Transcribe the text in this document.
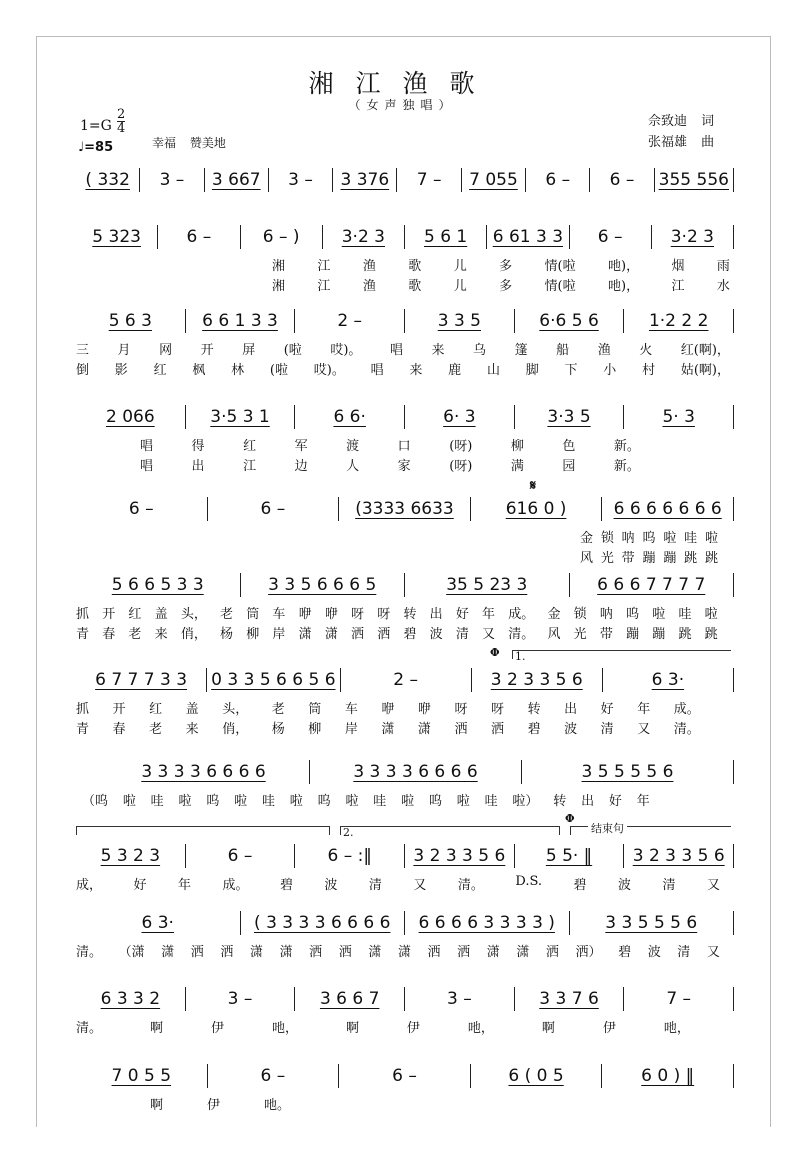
湘江渔歌
（女声独唱）
1=G
2
4
♩=85	幸福 赞美地
佘致迪 词
张福雄 曲
𝄋
Φ 1.
2.
Φ
结束句
( 332 3 – 3 667 3 – 3 376 7 – 7 055 6 – 6 – 355 556
5 323	6 –	6 – ) 3·2 3 5 6 1 6 61 3 3 6 –	3·2 3
湘 江 渔 歌 儿 多 情(啦 吔)， 烟 雨
湘 江 渔 歌 儿 多 情(啦 吔)， 江 水
5 6 3	6 6 1 3 3	2 –	3 3 5	6·6 5 6	1·2 2 2
三 月 网 开 屏 (啦 哎)。 唱 来 乌 篷 船 渔 火 红(啊)，
倒 影 红 枫 林 (啦 哎)。 唱 来 鹿 山 脚 下 小 村 姑(啊)，
2 066	3·5 3 1	6 6·	6· 3	3·3 5	5· 3
唱	得	红	军	渡	口	(呀)	柳	色	新。
唱	出	江	边	人	家	(呀)	满	园	新。
6 –	6 –	(3333 6633	616 0 )	6 6 6 6 6 6 6
金 锁 呐 呜 啦 哇 啦
风 光 带 蹦 蹦 跳 跳
5 6 6 5 3 3	3 3 5 6 6 6 5	35 5 23 3	6 6 6 7 7 7 7
抓 开 红 盖 头， 老 筒 车 咿 咿 呀 呀 转 出 好 年 成。 金 锁 呐 呜 啦 哇 啦
青 春 老 来 俏， 杨 柳 岸 潇 潇 洒 洒 碧 波 清 又 清。 风 光 带 蹦 蹦 跳 跳
6 7 7 7 3 3 0 3 3 5 6 6 5 6	2 –	3 2 3 3 5 6	6 3·
抓 开 红 盖 头， 老 筒 车 咿 咿 呀 呀 转 出 好 年 成。
青 春 老 来 俏， 杨 柳 岸 潇 潇 洒 洒 碧 波 清 又 清。
3 3 3 3 6 6 6 6	3 3 3 3 6 6 6 6	3 5 5 5 5 6
（呜 啦 哇 啦 呜 啦 哇 啦 呜 啦 哇 啦 呜 啦 哇 啦） 转 出 好 年
5 3 2 3	6 –	6 – :‖ 3 2 3 3 5 6 5 5· ‖ 3 2 3 3 5 6
成， 好 年 成。 碧 波 清 又 清。 D.S. 碧 波 清 又
6 3·	( 3 3 3 3 6 6 6 6 6 6 6 6 3 3 3 3 )	3 3 5 5 5 6
清。 （潇 潇 洒 洒 潇 潇 洒 洒 潇 潇 洒 洒 潇 潇 洒 洒） 碧 波 清 又
6 3 3 2	3 –	3 6 6 7	3 –	3 3 7 6	7 –
清。	啊	伊	吔，	啊	伊	吔，	啊	伊	吔，
7 0 5 5	6 –	6 –	6 ( 0 5	6 0 ) ‖
啊	伊	吔。
